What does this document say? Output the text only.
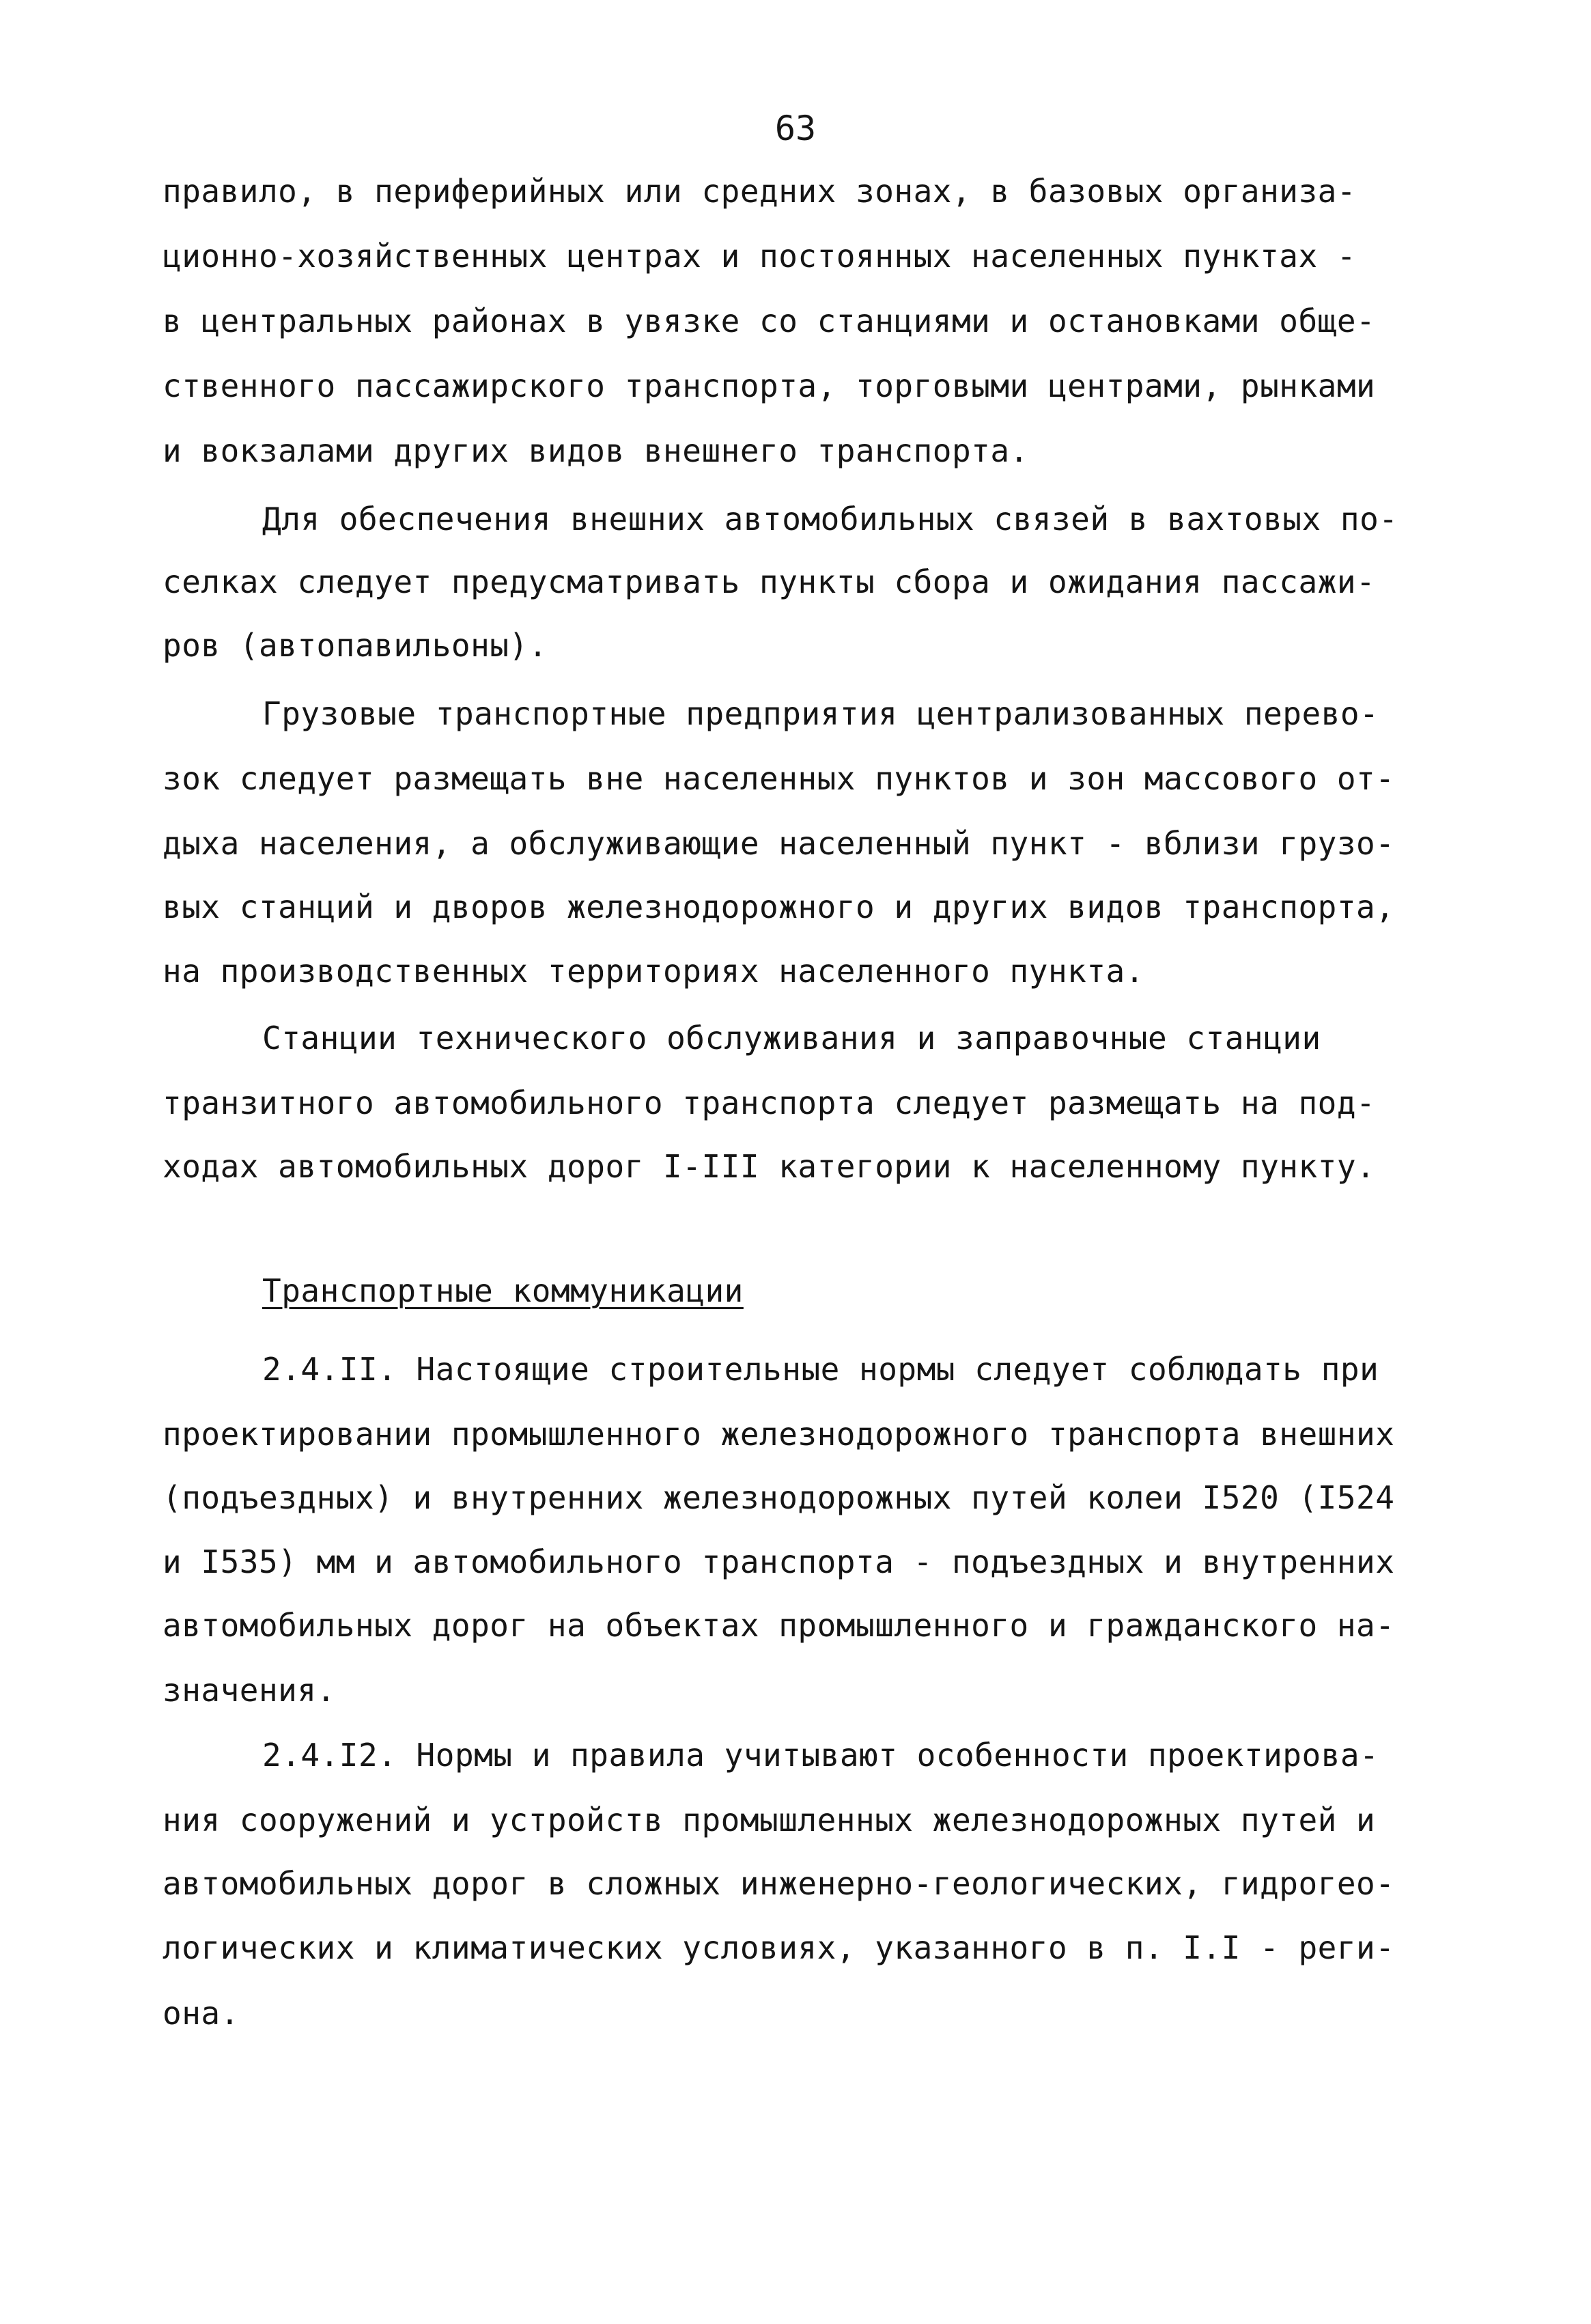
63
правило, в периферийных или средних зонах, в базовых организа-
ционно-хозяйственных центрах и постоянных населенных пунктах -
в центральных районах в увязке со станциями и остановками обще-
ственного пассажирского транспорта, торговыми центрами, рынками
и вокзалами других видов внешнего транспорта.
Для обеспечения внешних автомобильных связей в вахтовых по-
селках следует предусматривать пункты сбора и ожидания пассажи-
ров (автопавильоны).
Грузовые транспортные предприятия централизованных перево-
зок следует размещать вне населенных пунктов и зон массового от-
дыха населения, а обслуживающие населенный пункт - вблизи грузо-
вых станций и дворов железнодорожного и других видов транспорта,
на производственных территориях населенного пункта.
Станции технического обслуживания и заправочные станции
транзитного автомобильного транспорта следует размещать на под-
ходах автомобильных дорог I-III категории к населенному пункту.
Транспортные коммуникации
2.4.II. Настоящие строительные нормы следует соблюдать при
проектировании промышленного железнодорожного транспорта внешних
(подъездных) и внутренних железнодорожных путей колеи I520 (I524
и I535) мм и автомобильного транспорта - подъездных и внутренних
автомобильных дорог на объектах промышленного и гражданского на-
значения.
2.4.I2. Нормы и правила учитывают особенности проектирова-
ния сооружений и устройств промышленных железнодорожных путей и
автомобильных дорог в сложных инженерно-геологических, гидрогео-
логических и климатических условиях, указанного в п. I.I - реги-
она.
